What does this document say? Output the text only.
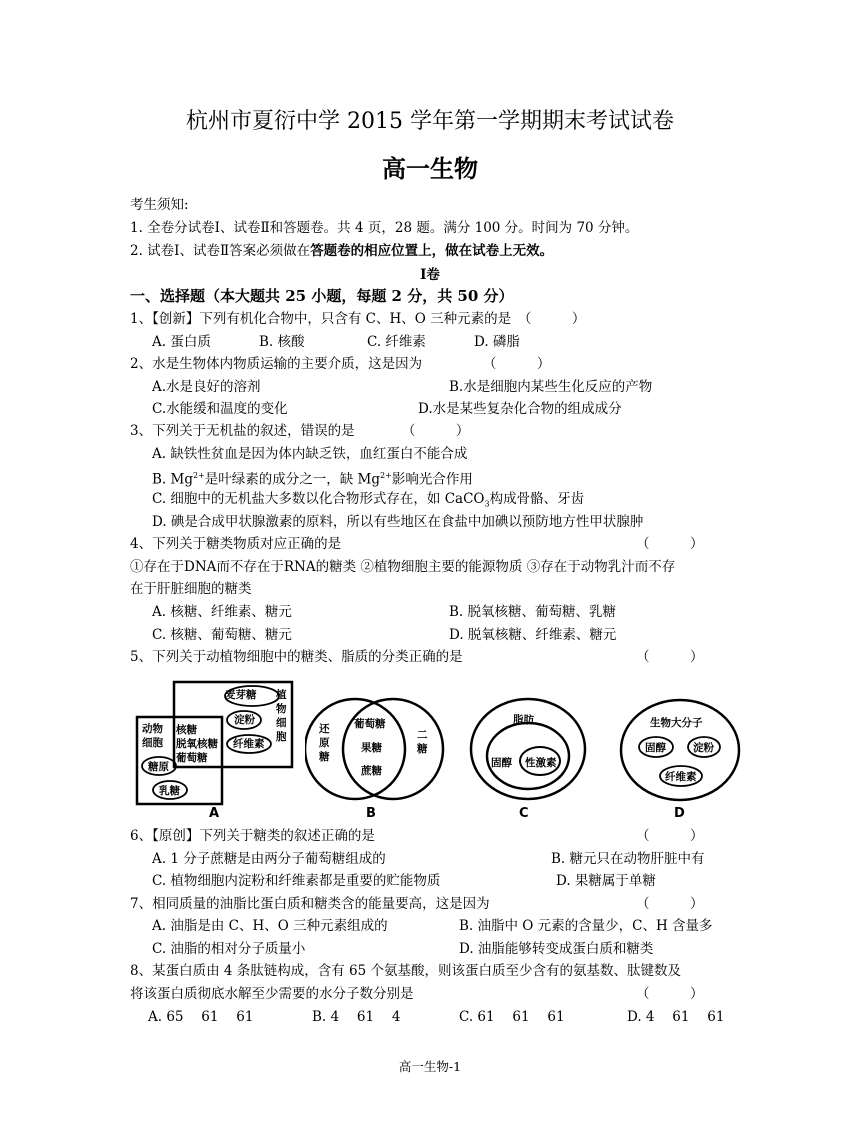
杭州市夏衍中学 2015 学年第一学期期末考试试卷
高一生物
考生须知:
1. 全卷分试卷Ⅰ、试卷Ⅱ和答题卷。共 4 页，28 题。满分 100 分。时间为 70 分钟。
2. 试卷Ⅰ、试卷Ⅱ答案必须做在答题卷的相应位置上，做在试卷上无效。
Ⅰ卷
一、选择题（本大题共 25 小题，每题 2 分，共 50 分）
1、【创新】下列有机化合物中，只含有 C、H、O 三种元素的是　（　　　）
A. 蛋白质	B. 核酸	C. 纤维素	D. 磷脂
2、水是生物体内物质运输的主要介质，这是因为　　　　　（　　　）
A.水是良好的溶剂	B.水是细胞内某些生化反应的产物
C.水能缓和温度的变化	D.水是某些复杂化合物的组成成分
3、下列关于无机盐的叙述，错误的是　　　　（　　　）
A. 缺铁性贫血是因为体内缺乏铁，血红蛋白不能合成
B. $Mg^{2+}$是叶绿素的成分之一，缺 $Mg^{2+}$影响光合作用
C. 细胞中的无机盐大多数以化合物形式存在，如 CaCO$_3$构成骨骼、牙齿
D. 碘是合成甲状腺激素的原料，所以有些地区在食盐中加碘以预防地方性甲状腺肿
4、下列关于糖类物质对应正确的是	（　　　）
①存在于DNA而不存在于RNA的糖类 ②植物细胞主要的能源物质 ③存在于动物乳汁而不存
在于肝脏细胞的糖类
A. 核糖、纤维素、糖元	B. 脱氧核糖、葡萄糖、乳糖
C. 核糖、葡萄糖、糖元	D. 脱氧核糖、纤维素、糖元
5、下列关于动植物细胞中的糖类、脂质的分类正确的是	（　　　）
麦芽糖
淀粉
纤维素
植物细胞
动物细胞
核糖
脱氧核糖
葡萄糖
糖原
乳糖
A
还原糖
二糖
葡萄糖
果糖
蔗糖
B
脂肪
固醇 性激素
C
生物大分子
固醇	淀粉
纤维素
D
6、【原创】下列关于糖类的叙述正确的是	（　　　）
A. 1 分子蔗糖是由两分子葡萄糖组成的	B. 糖元只在动物肝脏中有
C. 植物细胞内淀粉和纤维素都是重要的贮能物质	D. 果糖属于单糖
7、相同质量的油脂比蛋白质和糖类含的能量要高，这是因为	（　　　）
A. 油脂是由 C、H、O 三种元素组成的	B. 油脂中 O 元素的含量少，C、H 含量多
C. 油脂的相对分子质量小	D. 油脂能够转变成蛋白质和糖类
8、某蛋白质由 4 条肽链构成，含有 65 个氨基酸，则该蛋白质至少含有的氨基数、肽键数及
将该蛋白质彻底水解至少需要的水分子数分别是	（　　　）
A. 65　 61　 61	B. 4　 61　 4	C. 61　 61　 61	D. 4　 61　 61
高一生物-1
